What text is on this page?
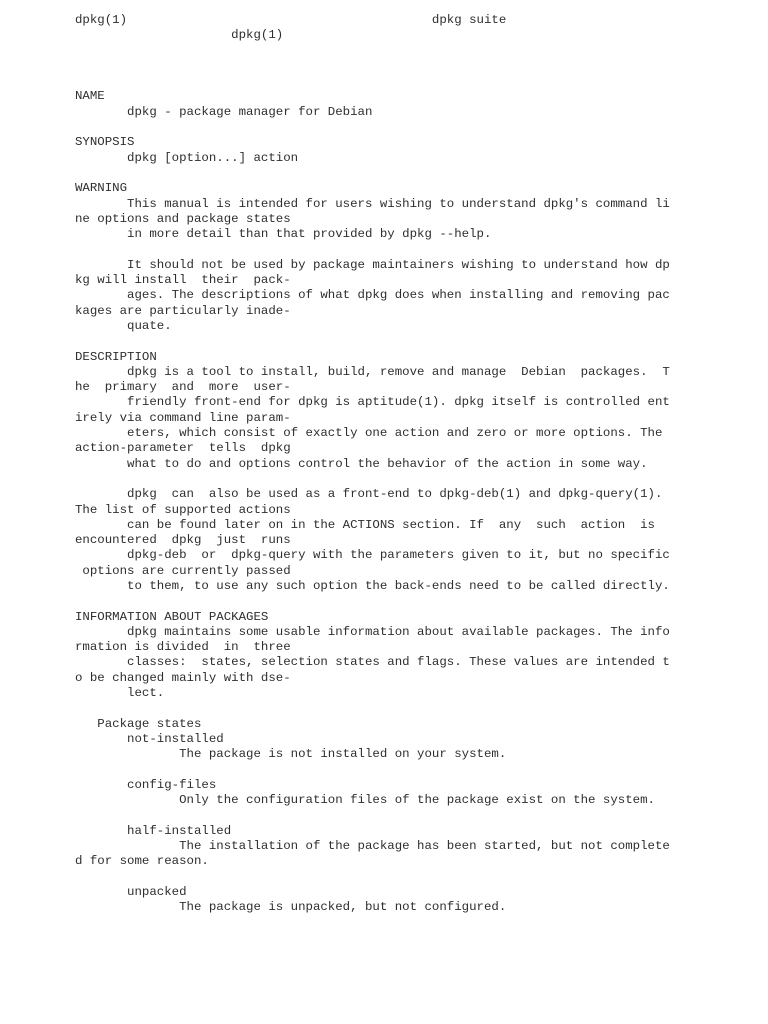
dpkg(1)                                         dpkg suite
dpkg(1)
NAME
dpkg - package manager for Debian
SYNOPSIS
dpkg [option...] action
WARNING
This manual is intended for users wishing to understand dpkg's command li
ne options and package states
in more detail than that provided by dpkg --help.
It should not be used by package maintainers wishing to understand how dp
kg will install  their  pack-
ages. The descriptions of what dpkg does when installing and removing pac
kages are particularly inade-
quate.
DESCRIPTION
dpkg is a tool to install, build, remove and manage  Debian  packages.  T
he  primary  and  more  user-
friendly front-end for dpkg is aptitude(1). dpkg itself is controlled ent
irely via command line param-
eters, which consist of exactly one action and zero or more options. The
action-parameter  tells  dpkg
what to do and options control the behavior of the action in some way.
dpkg  can  also be used as a front-end to dpkg-deb(1) and dpkg-query(1).
The list of supported actions
can be found later on in the ACTIONS section. If  any  such  action  is
encountered  dpkg  just  runs
dpkg-deb  or  dpkg-query with the parameters given to it, but no specific
options are currently passed
to them, to use any such option the back-ends need to be called directly.
INFORMATION ABOUT PACKAGES
dpkg maintains some usable information about available packages. The info
rmation is divided  in  three
classes:  states, selection states and flags. These values are intended t
o be changed mainly with dse-
lect.
Package states
not-installed
The package is not installed on your system.
config-files
Only the configuration files of the package exist on the system.
half-installed
The installation of the package has been started, but not complete
d for some reason.
unpacked
The package is unpacked, but not configured.
